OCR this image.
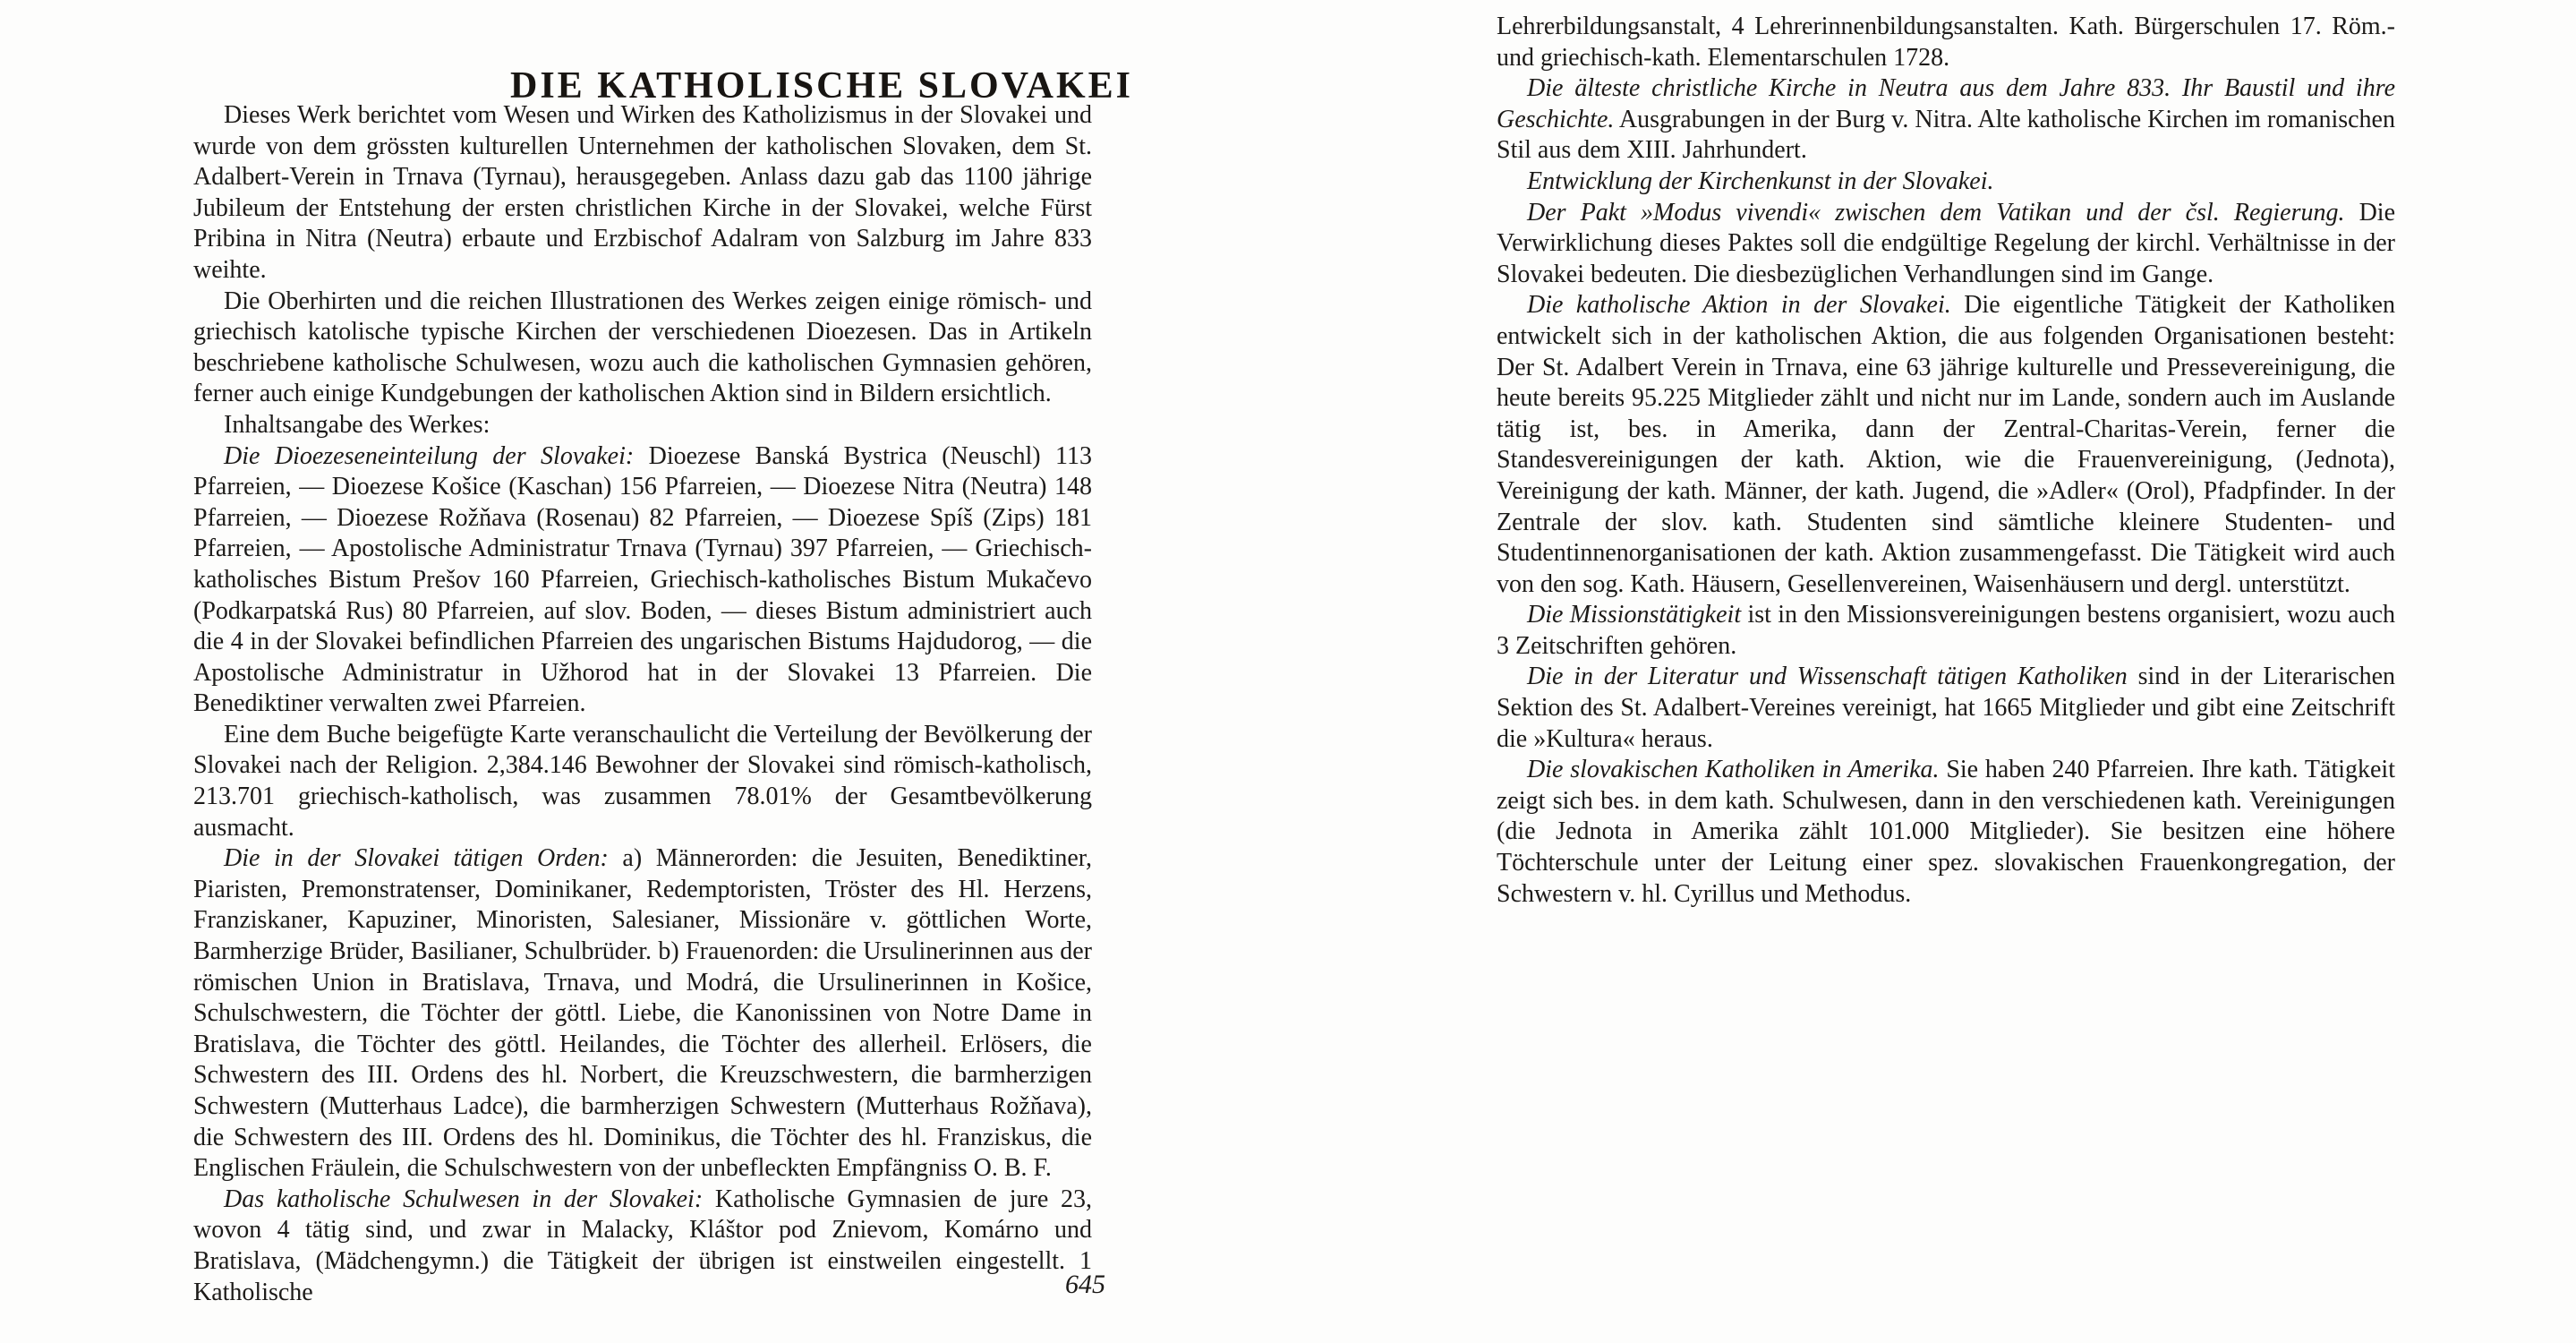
DIE KATHOLISCHE SLOVAKEI

Dieses Werk berichtet vom Wesen und Wirken des Katholizismus in der Slovakei und wurde von dem grössten kulturellen Unternehmen der katholischen Slovaken, dem St. Adalbert-Verein in Trnava (Tyrnau), herausgegeben. Anlass dazu gab das 1100 jährige Jubileum der Entstehung der ersten christlichen Kirche in der Slovakei, welche Fürst Pribina in Nitra (Neutra) erbaute und Erzbischof Adalram von Salzburg im Jahre 833 weihte.

Die Oberhirten und die reichen Illustrationen des Werkes zeigen einige römisch- und griechisch katolische typische Kirchen der verschiedenen Dioezesen. Das in Artikeln beschriebene katholische Schulwesen, wozu auch die katholischen Gymnasien gehören, ferner auch einige Kundgebungen der katholischen Aktion sind in Bildern ersichtlich.

Inhaltsangabe des Werkes:

Die Dioezeseneinteilung der Slovakei: Dioezese Banská Bystrica (Neuschl) 113 Pfarreien, — Dioezese Košice (Kaschan) 156 Pfarreien, — Dioezese Nitra (Neutra) 148 Pfarreien, — Dioezese Rožňava (Rosenau) 82 Pfarreien, — Dioezese Spíš (Zips) 181 Pfarreien, — Apostolische Administratur Trnava (Tyrnau) 397 Pfarreien, — Griechisch-katholisches Bistum Prešov 160 Pfarreien, Griechisch-katholisches Bistum Mukačevo (Podkarpatská Rus) 80 Pfarreien, auf slov. Boden, — dieses Bistum administriert auch die 4 in der Slovakei befindlichen Pfarreien des ungarischen Bistums Hajdudorog, — die Apostolische Administratur in Užhorod hat in der Slovakei 13 Pfarreien. Die Benediktiner verwalten zwei Pfarreien.

Eine dem Buche beigefügte Karte veranschaulicht die Verteilung der Bevölkerung der Slovakei nach der Religion. 2,384.146 Bewohner der Slovakei sind römisch-katholisch, 213.701 griechisch-katholisch, was zusammen 78.01% der Gesamtbevölkerung ausmacht.

Die in der Slovakei tätigen Orden: a) Männerorden: die Jesuiten, Benediktiner, Piaristen, Premonstratenser, Dominikaner, Redemptoristen, Tröster des Hl. Herzens, Franziskaner, Kapuziner, Minoristen, Salesianer, Missionäre v. göttlichen Worte, Barmherzige Brüder, Basilianer, Schulbrüder. b) Frauenorden: die Ursulinerinnen aus der römischen Union in Bratislava, Trnava, und Modrá, die Ursulinerinnen in Košice, Schulschwestern, die Töchter der göttl. Liebe, die Kanonissinen von Notre Dame in Bratislava, die Töchter des göttl. Heilandes, die Töchter des allerheil. Erlösers, die Schwestern des III. Ordens des hl. Norbert, die Kreuzschwestern, die barmherzigen Schwestern (Mutterhaus Ladce), die barmherzigen Schwestern (Mutterhaus Rožňava), die Schwestern des III. Ordens des hl. Dominikus, die Töchter des hl. Franziskus, die Englischen Fräulein, die Schulschwestern von der unbefleckten Empfängniss O. B. F.

Das katholische Schulwesen in der Slovakei: Katholische Gymnasien de jure 23, wovon 4 tätig sind, und zwar in Malacky, Kláštor pod Znievom, Komárno und Bratislava, (Mädchengymn.) die Tätigkeit der übrigen ist einstweilen eingestellt. 1 Katholische

Lehrerbildungsanstalt, 4 Lehrerinnenbildungsanstalten. Kath. Bürgerschulen 17. Röm.- und griechisch-kath. Elementarschulen 1728.

Die älteste christliche Kirche in Neutra aus dem Jahre 833. Ihr Baustil und ihre Geschichte. Ausgrabungen in der Burg v. Nitra. Alte katholische Kirchen im romanischen Stil aus dem XIII. Jahrhundert.

Entwicklung der Kirchenkunst in der Slovakei.

Der Pakt »Modus vivendi« zwischen dem Vatikan und der čsl. Regierung. Die Verwirklichung dieses Paktes soll die endgültige Regelung der kirchl. Verhältnisse in der Slovakei bedeuten. Die diesbezüglichen Verhandlungen sind im Gange.

Die katholische Aktion in der Slovakei. Die eigentliche Tätigkeit der Katholiken entwickelt sich in der katholischen Aktion, die aus folgenden Organisationen besteht: Der St. Adalbert Verein in Trnava, eine 63 jährige kulturelle und Pressevereinigung, die heute bereits 95.225 Mitglieder zählt und nicht nur im Lande, sondern auch im Auslande tätig ist, bes. in Amerika, dann der Zentral-Charitas-Verein, ferner die Standesvereinigungen der kath. Aktion, wie die Frauenvereinigung, (Jednota), Vereinigung der kath. Männer, der kath. Jugend, die »Adler« (Orol), Pfadpfinder. In der Zentrale der slov. kath. Studenten sind sämtliche kleinere Studenten- und Studentinnenorganisationen der kath. Aktion zusammengefasst. Die Tätigkeit wird auch von den sog. Kath. Häusern, Gesellenvereinen, Waisenhäusern und dergl. unterstützt.

Die Missionstätigkeit ist in den Missionsvereinigungen bestens organisiert, wozu auch 3 Zeitschriften gehören.

Die in der Literatur und Wissenschaft tätigen Katholiken sind in der Literarischen Sektion des St. Adalbert-Vereines vereinigt, hat 1665 Mitglieder und gibt eine Zeitschrift die »Kultura« heraus.

Die slovakischen Katholiken in Amerika. Sie haben 240 Pfarreien. Ihre kath. Tätigkeit zeigt sich bes. in dem kath. Schulwesen, dann in den verschiedenen kath. Vereinigungen (die Jednota in Amerika zählt 101.000 Mitglieder). Sie besitzen eine höhere Töchterschule unter der Leitung einer spez. slovakischen Frauenkongregation, der Schwestern v. hl. Cyrillus und Methodus.

645
